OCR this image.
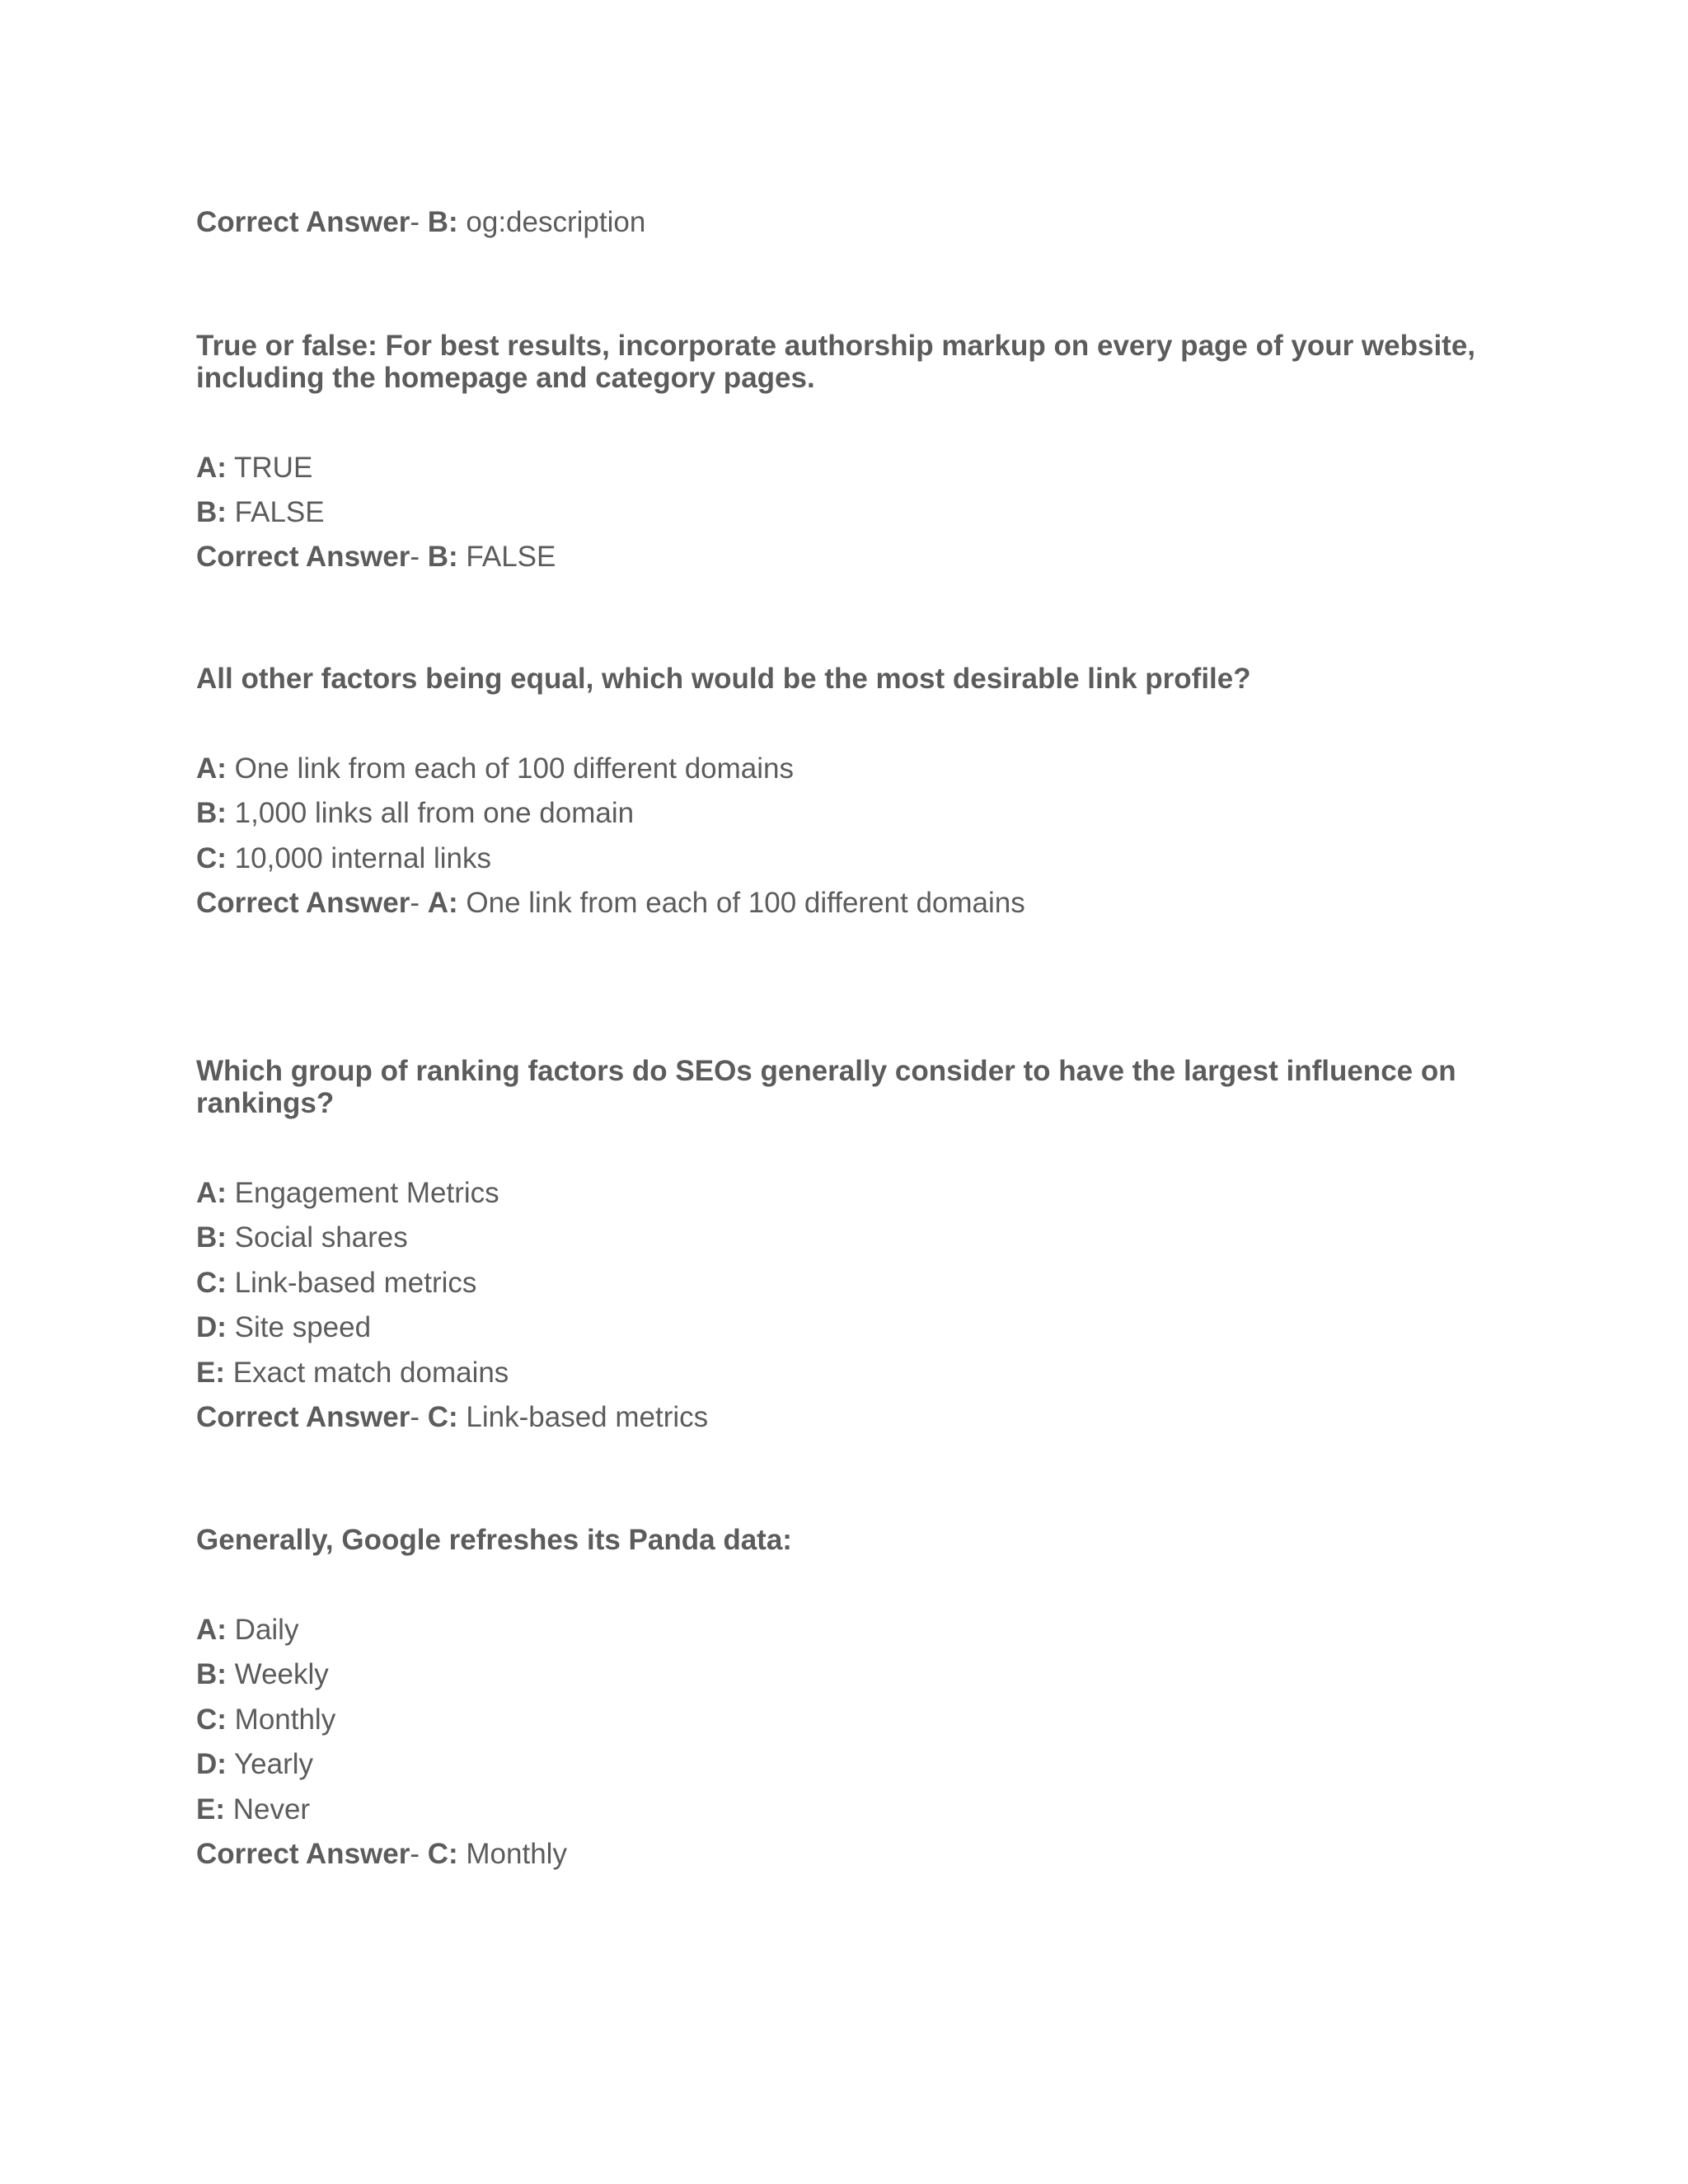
Correct Answer- B: og:description
True or false: For best results, incorporate authorship markup on every page of your website,
including the homepage and category pages.
A: TRUE
B: FALSE
Correct Answer- B: FALSE
All other factors being equal, which would be the most desirable link profile?
A: One link from each of 100 different domains
B: 1,000 links all from one domain
C: 10,000 internal links
Correct Answer- A: One link from each of 100 different domains
Which group of ranking factors do SEOs generally consider to have the largest influence on
rankings?
A: Engagement Metrics
B: Social shares
C: Link-based metrics
D: Site speed
E: Exact match domains
Correct Answer- C: Link-based metrics
Generally, Google refreshes its Panda data:
A: Daily
B: Weekly
C: Monthly
D: Yearly
E: Never
Correct Answer- C: Monthly
